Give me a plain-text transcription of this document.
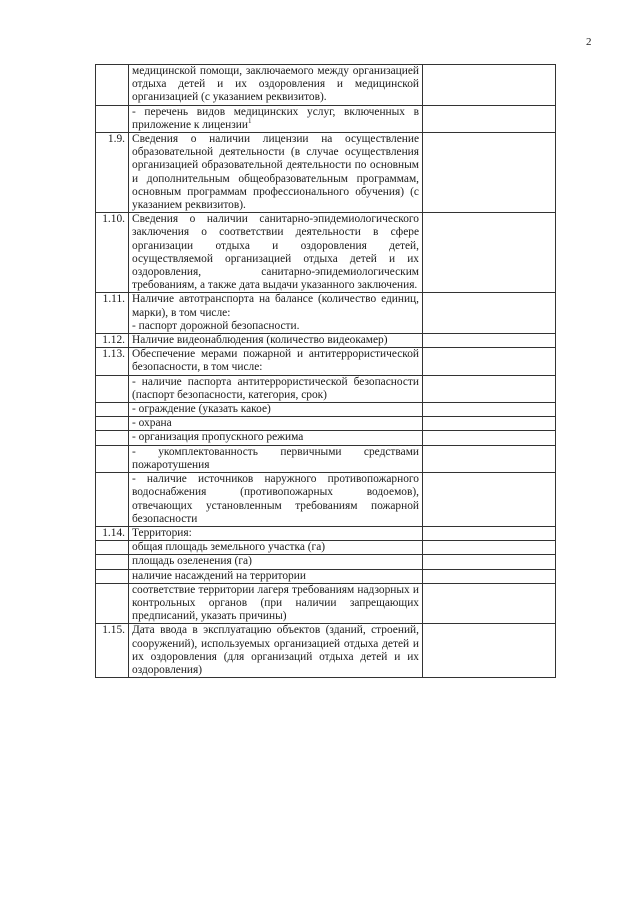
2
	медицинской помощи, заключаемого между организацией отдыха детей и их оздоровления и медицинской организацией (с указанием реквизитов).	
	- перечень видов медицинских услуг, включенных в приложение к лицензии$^1$	
1.9.	Сведения о наличии лицензии на осуществление образовательной деятельности (в случае осуществления организацией образовательной деятельности по основным и дополнительным общеобразовательным программам, основным программам профессионального обучения) (с указанием реквизитов).	
1.10.	Сведения о наличии санитарно-эпидемиологического заключения о соответствии деятельности в сфере организации отдыха и оздоровления детей, осуществляемой организацией отдыха детей и их оздоровления, санитарно-эпидемиологическим требованиям, а также дата выдачи указанного заключения.	
1.11.	Наличие автотранспорта на балансе (количество единиц, марки), в том числе:
- паспорт дорожной безопасности.	
1.12.	Наличие видеонаблюдения (количество видеокамер)	
1.13.	Обеспечение мерами пожарной и антитеррористической безопасности, в том числе:	
	- наличие паспорта антитеррористической безопасности (паспорт безопасности, категория, срок)	
	- ограждение (указать какое)	
	- охрана	
	- организация пропускного режима	
	- укомплектованность первичными средствами пожаротушения	
	- наличие источников наружного противопожарного водоснабжения (противопожарных водоемов), отвечающих установленным требованиям пожарной безопасности	
1.14.	Территория:	
	общая площадь земельного участка (га)	
	площадь озеленения (га)	
	наличие насаждений на территории	
	соответствие территории лагеря требованиям надзорных и контрольных органов (при наличии запрещающих предписаний, указать причины)	
1.15.	Дата ввода в эксплуатацию объектов (зданий, строений, сооружений), используемых организацией отдыха детей и их оздоровления (для организаций отдыха детей и их оздоровления)	
